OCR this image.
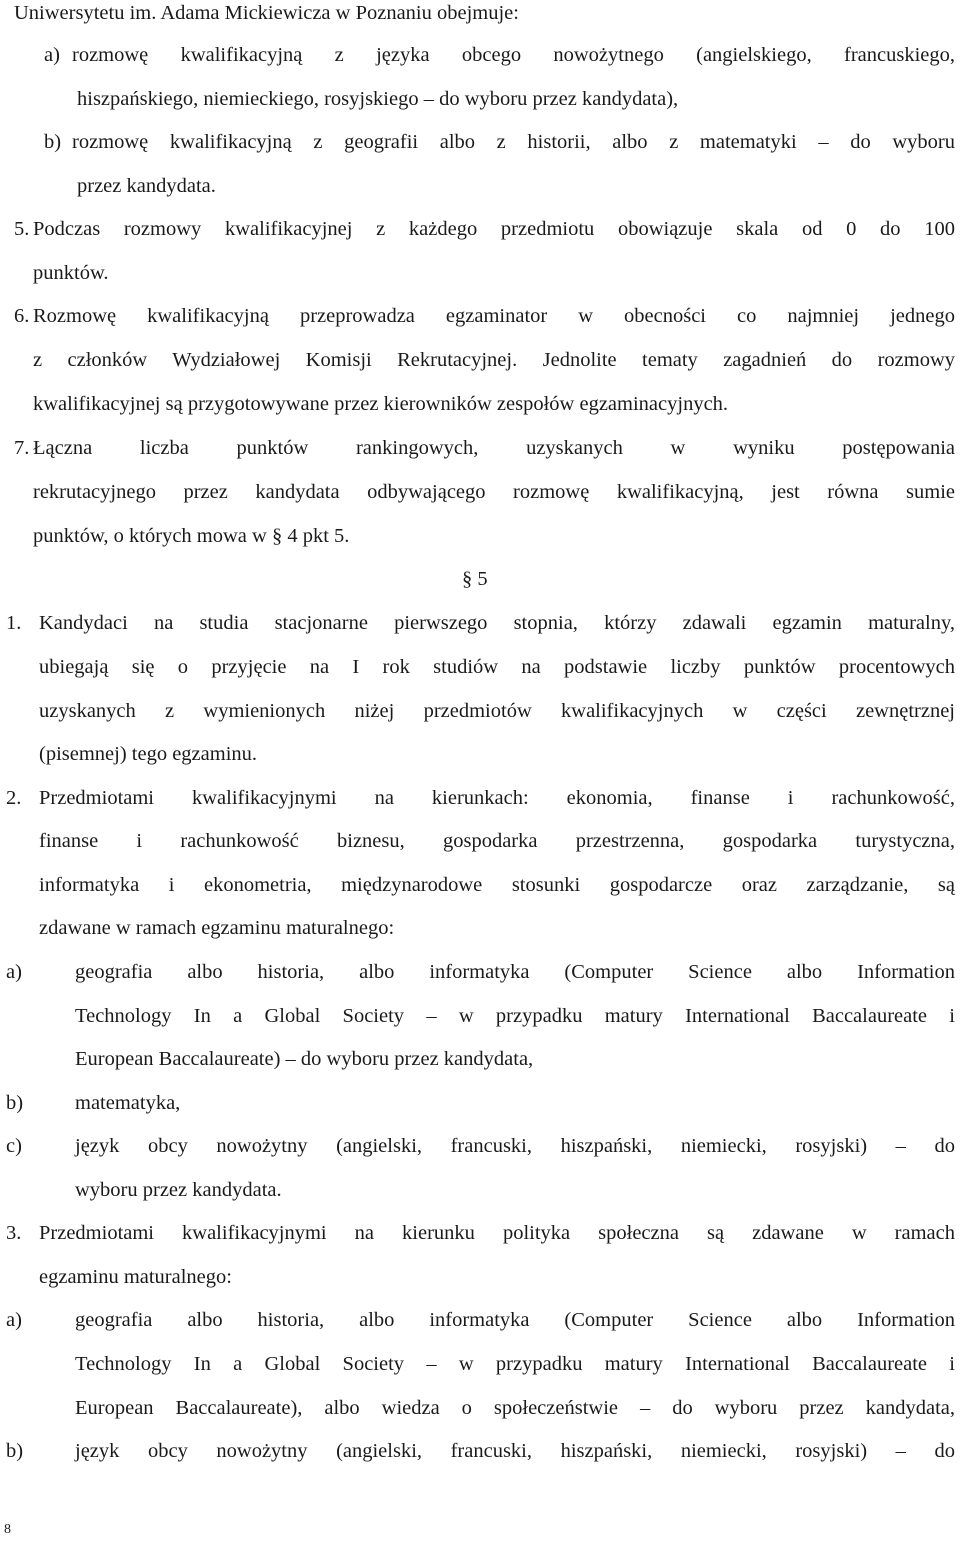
Uniwersytetu im. Adama Mickiewicza w Poznaniu obejmuje:
a) rozmowę kwalifikacyjną z języka obcego nowożytnego (angielskiego, francuskiego,
hiszpańskiego, niemieckiego, rosyjskiego – do wyboru przez kandydata),
b) rozmowę kwalifikacyjną z geografii albo z historii, albo z matematyki – do wyboru
przez kandydata.
5. Podczas rozmowy kwalifikacyjnej z każdego przedmiotu obowiązuje skala od 0 do 100
punktów.
6. Rozmowę kwalifikacyjną przeprowadza egzaminator w obecności co najmniej jednego
z członków Wydziałowej Komisji Rekrutacyjnej. Jednolite tematy zagadnień do rozmowy
kwalifikacyjnej są przygotowywane przez kierowników zespołów egzaminacyjnych.
7. Łączna liczba punktów rankingowych, uzyskanych w wyniku postępowania
rekrutacyjnego przez kandydata odbywającego rozmowę kwalifikacyjną, jest równa sumie
punktów, o których mowa w § 4 pkt 5.
§ 5
1. Kandydaci na studia stacjonarne pierwszego stopnia, którzy zdawali egzamin maturalny,
ubiegają się o przyjęcie na I rok studiów na podstawie liczby punktów procentowych
uzyskanych z wymienionych niżej przedmiotów kwalifikacyjnych w części zewnętrznej
(pisemnej) tego egzaminu.
2. Przedmiotami kwalifikacyjnymi na kierunkach: ekonomia, finanse i rachunkowość,
finanse i rachunkowość biznesu, gospodarka przestrzenna, gospodarka turystyczna,
informatyka i ekonometria, międzynarodowe stosunki gospodarcze oraz zarządzanie, są
zdawane w ramach egzaminu maturalnego:
a)	geografia albo historia, albo informatyka (Computer Science albo Information
Technology In a Global Society – w przypadku matury International Baccalaureate i
European Baccalaureate) – do wyboru przez kandydata,
b)	matematyka,
c)	język obcy nowożytny (angielski, francuski, hiszpański, niemiecki, rosyjski) – do
wyboru przez kandydata.
3. Przedmiotami kwalifikacyjnymi na kierunku polityka społeczna są zdawane w ramach
egzaminu maturalnego:
a)	geografia albo historia, albo informatyka (Computer Science albo Information
Technology In a Global Society – w przypadku matury International Baccalaureate i
European Baccalaureate), albo wiedza o społeczeństwie – do wyboru przez kandydata,
b)	język obcy nowożytny (angielski, francuski, hiszpański, niemiecki, rosyjski) – do
8
